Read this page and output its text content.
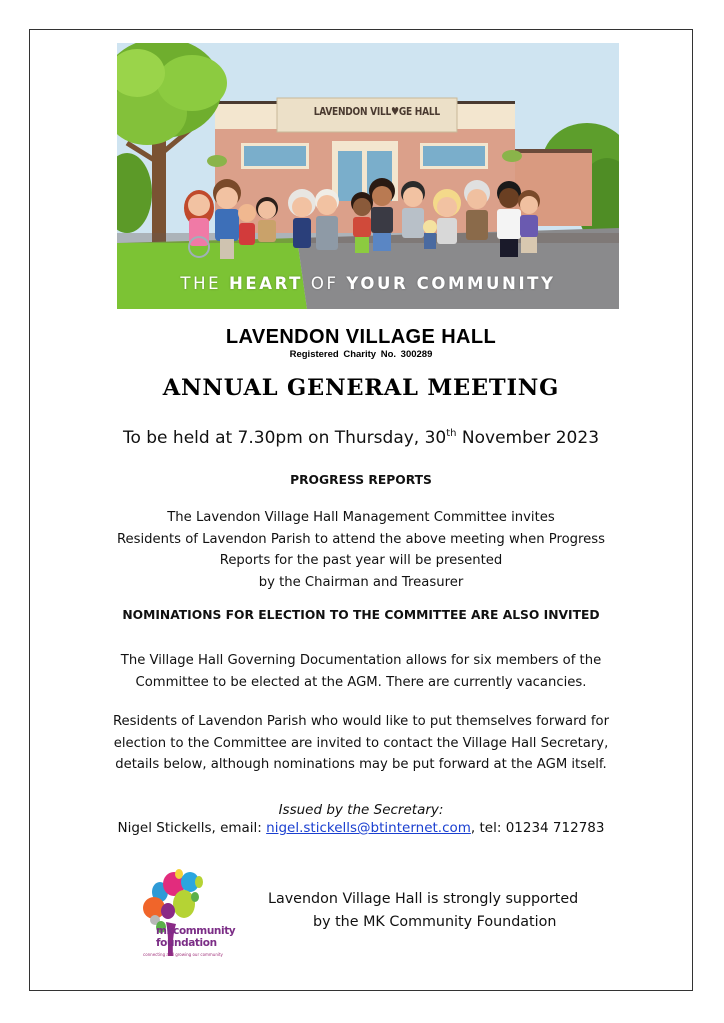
LAVENDON VILL♥GE HALL
THE HEART OF YOUR COMMUNITY
LAVENDON VILLAGE HALL
Registered Charity No. 300289
ANNUAL GENERAL MEETING
To be held at 7.30pm on Thursday, 30th November 2023
PROGRESS REPORTS
The Lavendon Village Hall Management Committee invites
Residents of Lavendon Parish to attend the above meeting when Progress
Reports for the past year will be presented
by the Chairman and Treasurer
NOMINATIONS FOR ELECTION TO THE COMMITTEE ARE ALSO INVITED
The Village Hall Governing Documentation allows for six members of the
Committee to be elected at the AGM. There are currently vacancies.
Residents of Lavendon Parish who would like to put themselves forward for
election to the Committee are invited to contact the Village Hall Secretary,
details below, although nominations may be put forward at the AGM itself.
Issued by the Secretary:
Nigel Stickells, email: nigel.stickells@btinternet.com, tel: 01234 712783
mkcommunity
foundation
connecting and growing our community
Lavendon Village Hall is strongly supported
by the MK Community Foundation
